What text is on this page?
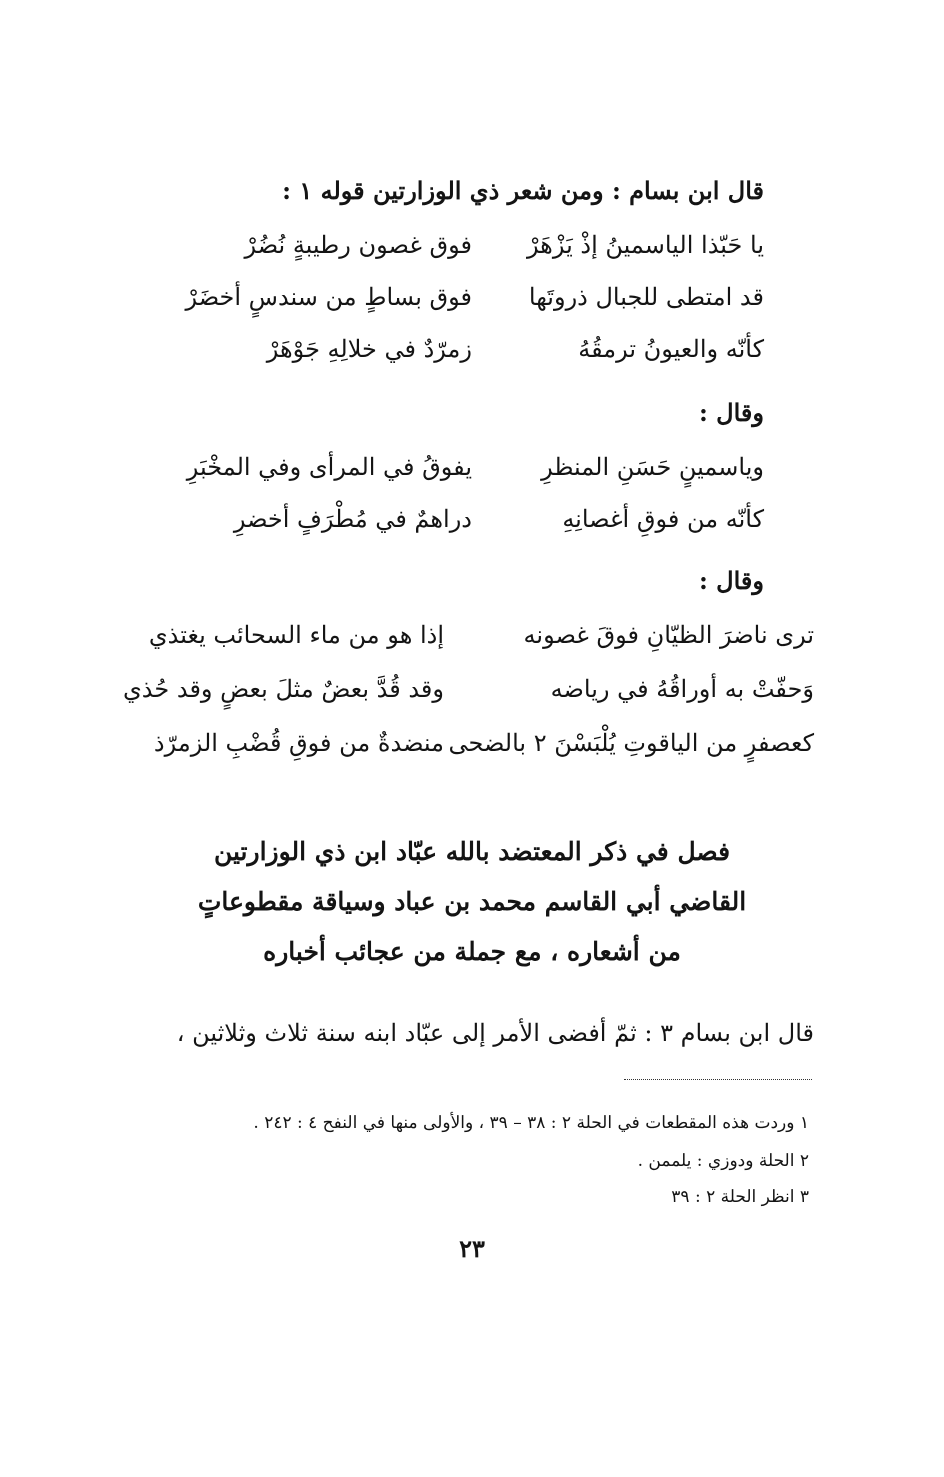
قال ابن بسام : ومن شعر ذي الوزارتين قوله ١ :
يا حَبّذا الياسمينُ إذْ يَزْهَرْ
فوق غصون رطيبةٍ نُضُرْ
قد امتطى للجبال ذروتَها
فوق بساطٍ من سندسٍ أخضَرْ
كأنّه والعيونُ ترمقُهُ
زمرّدٌ في خلالِهِ جَوْهَرْ
وقال :
وياسمينٍ حَسَنِ المنظرِ
يفوقُ في المرأى وفي المخْبَرِ
كأنّه من فوقِ أغصانِهِ
دراهمٌ في مُطْرَفٍ أخضرِ
وقال :
ترى ناضرَ الظيّانِ فوقَ غصونه
إذا هو من ماء السحائب يغتذي
وَحفّتْ به أوراقُهُ في رياضه
وقد قُدَّ بعضٌ مثلَ بعضٍ وقد حُذي
كعصفرٍ من الياقوتِ يُلْبَسْنَ ٢ بالضحى
منضدةٌ من فوقِ قُضْبِ الزمرّذ
فصل في ذكر المعتضد بالله عبّاد ابن ذي الوزارتين
القاضي أبي القاسم محمد بن عباد وسياقة مقطوعاتٍ
من أشعاره ، مع جملة من عجائب أخباره
قال ابن بسام ٣ : ثمّ أفضى الأمر إلى عبّاد ابنه سنة ثلاث وثلاثين ،
١ وردت هذه المقطعات في الحلة ٢ : ٣٨ – ٣٩ ، والأولى منها في النفح ٤ : ٢٤٢ .
٢ الحلة ودوزي : يلممن .
٣ انظر الحلة ٢ : ٣٩
٢٣
